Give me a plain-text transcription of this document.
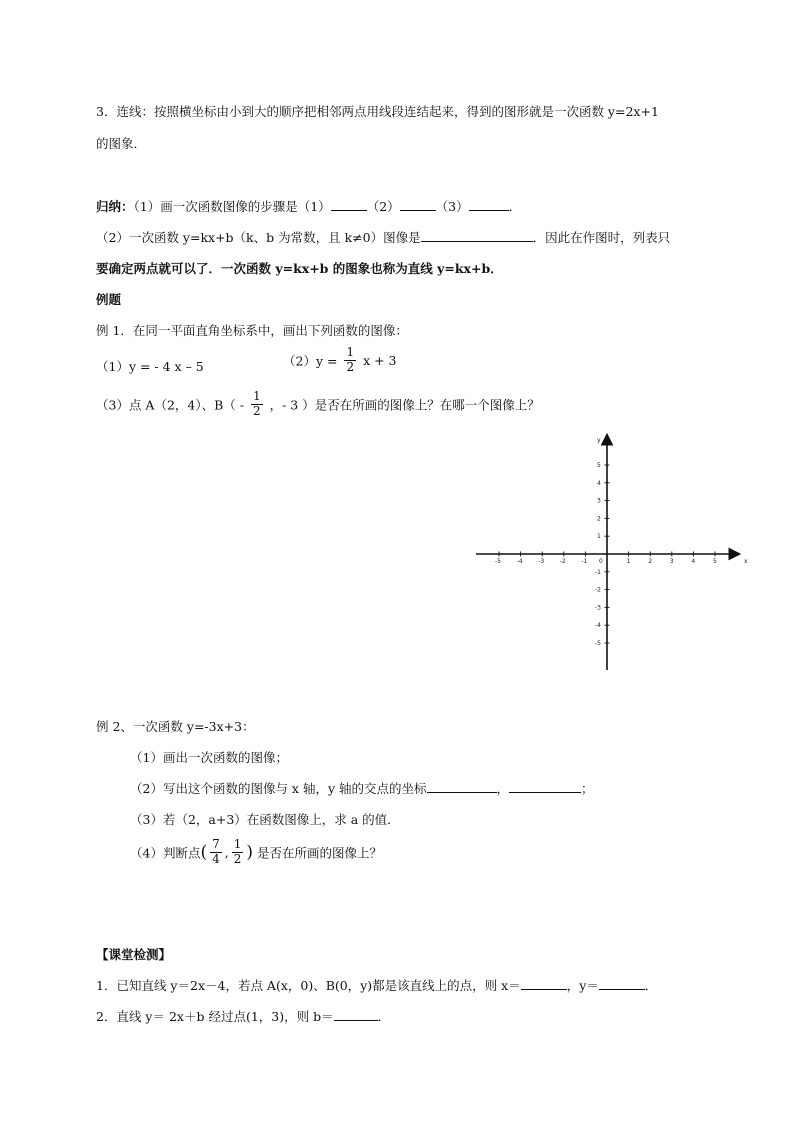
3．连线：按照横坐标由小到大的顺序把相邻两点用线段连结起来，得到的图形就是一次函数 y=2x+1
的图象．
归纳：（1）画一次函数图像的步骤是（1）	（2）	（3）	．
（2）一次函数 y=kx+b（k、b 为常数，且 k≠0）图像是	．因此在作图时，列表只
要确定两点就可以了．一次函数 y=kx+b 的图象也称为直线 y=kx+b．
例题
例 1．在同一平面直角坐标系中，画出下列函数的图像：
（1）y = - 4 x – 5	$(2)y = \frac{1}{2}$ x + 3
（3）点 A（2，4）、$B( - \frac{1}{2}$ ，- 3 ）是否在所画的图像上？在哪一个图像上？
-5	-4	-3	-2	-1	1	2	3	4	5
5
4
3
2
1
-1
-2
-3
-4
-5
x
y
0
例 2、一次函数 y=-3x+3：
（1）画出一次函数的图像；
（2）写出这个函数的图像与 x 轴，y 轴的交点的坐标	，	；
（3）若（2，a+3）在函数图像上，求 a 的值．
（4）判断点( $\frac{7}{4}$ , $\frac{1}{2}$ ) 是否在所画的图像上？
【课堂检测】
1．已知直线 y＝2x－4，若点 A(x，0)、B(0，y)都是该直线上的点，则 x＝	，y＝	．
2．直线 y＝ 2x＋b 经过点(1，3)，则 b＝	．
